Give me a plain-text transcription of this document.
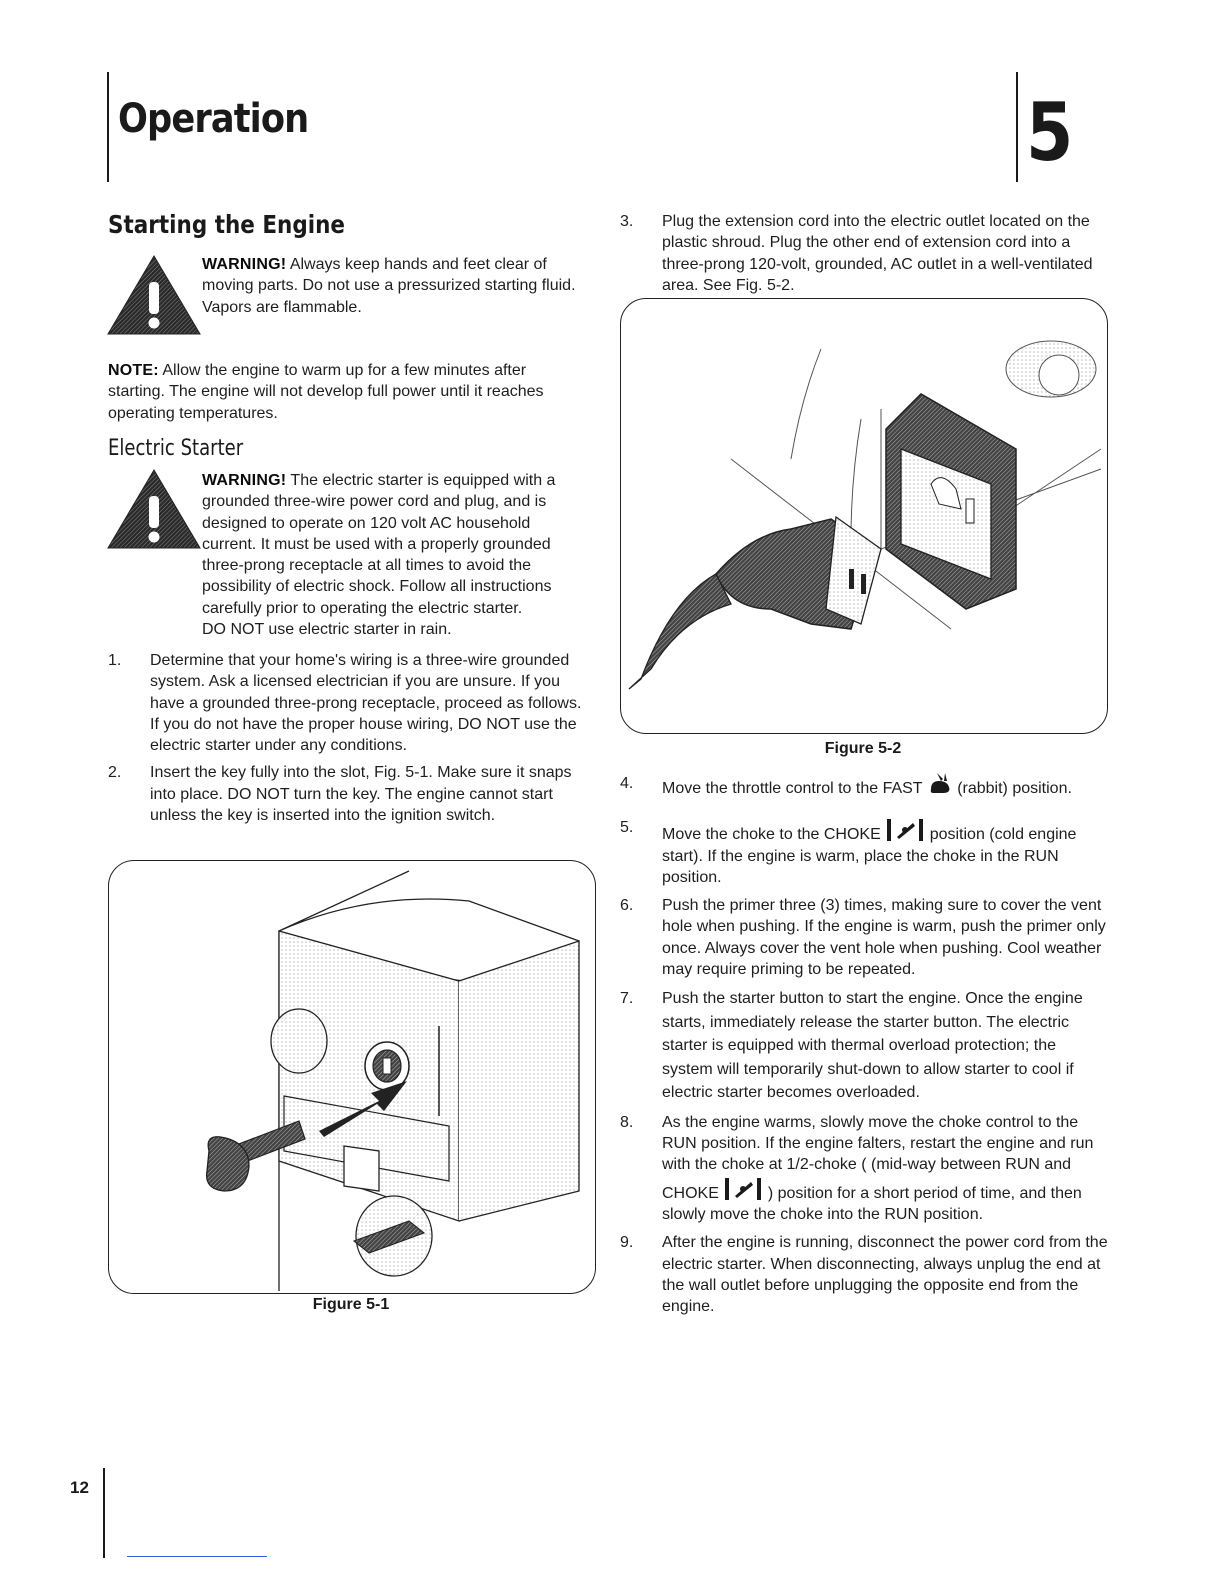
Operation	5
Starting the Engine
WARNING! Always keep hands and feet clear of moving parts. Do not use a pressurized starting fluid. Vapors are flammable.
NOTE: Allow the engine to warm up for a few minutes after starting. The engine will not develop full power until it reaches operating temperatures.
Electric Starter
WARNING! The electric starter is equipped with a grounded three-wire power cord and plug, and is designed to operate on 120 volt AC household current. It must be used with a properly grounded three-prong receptacle at all times to avoid the possibility of electric shock. Follow all instructions carefully prior to operating the electric starter.
DO NOT use electric starter in rain.
1. Determine that your home's wiring is a three-wire grounded system. Ask a licensed electrician if you are unsure. If you have a grounded three-prong receptacle, proceed as follows. If you do not have the proper house wiring, DO NOT use the electric starter under any conditions.
2. Insert the key fully into the slot, Fig. 5-1. Make sure it snaps into place. DO NOT turn the key. The engine cannot start unless the key is inserted into the ignition switch.
Figure 5-1
3. Plug the extension cord into the electric outlet located on the plastic shroud. Plug the other end of extension cord into a three-prong 120-volt, grounded, AC outlet in a well-ventilated area. See Fig. 5-2.
Figure 5-2
4. Move the throttle control to the FAST (rabbit) position.
5. Move the choke to the CHOKE	position (cold engine start). If the engine is warm, place the choke in the RUN position.
6. Push the primer three (3) times, making sure to cover the vent hole when pushing. If the engine is warm, push the primer only once. Always cover the vent hole when pushing. Cool weather may require priming to be repeated.
7. Push the starter button to start the engine. Once the engine starts, immediately release the starter button. The electric starter is equipped with thermal overload protection; the system will temporarily shut-down to allow starter to cool if electric starter becomes overloaded.
8. As the engine warms, slowly move the choke control to the RUN position. If the engine falters, restart the engine and run with the choke at 1/2-choke ( (mid-way between RUN and CHOKE	) position for a short period of time, and then slowly move the choke into the RUN position.
9. After the engine is running, disconnect the power cord from the electric starter. When disconnecting, always unplug the end at the wall outlet before unplugging the opposite end from the engine.
12
